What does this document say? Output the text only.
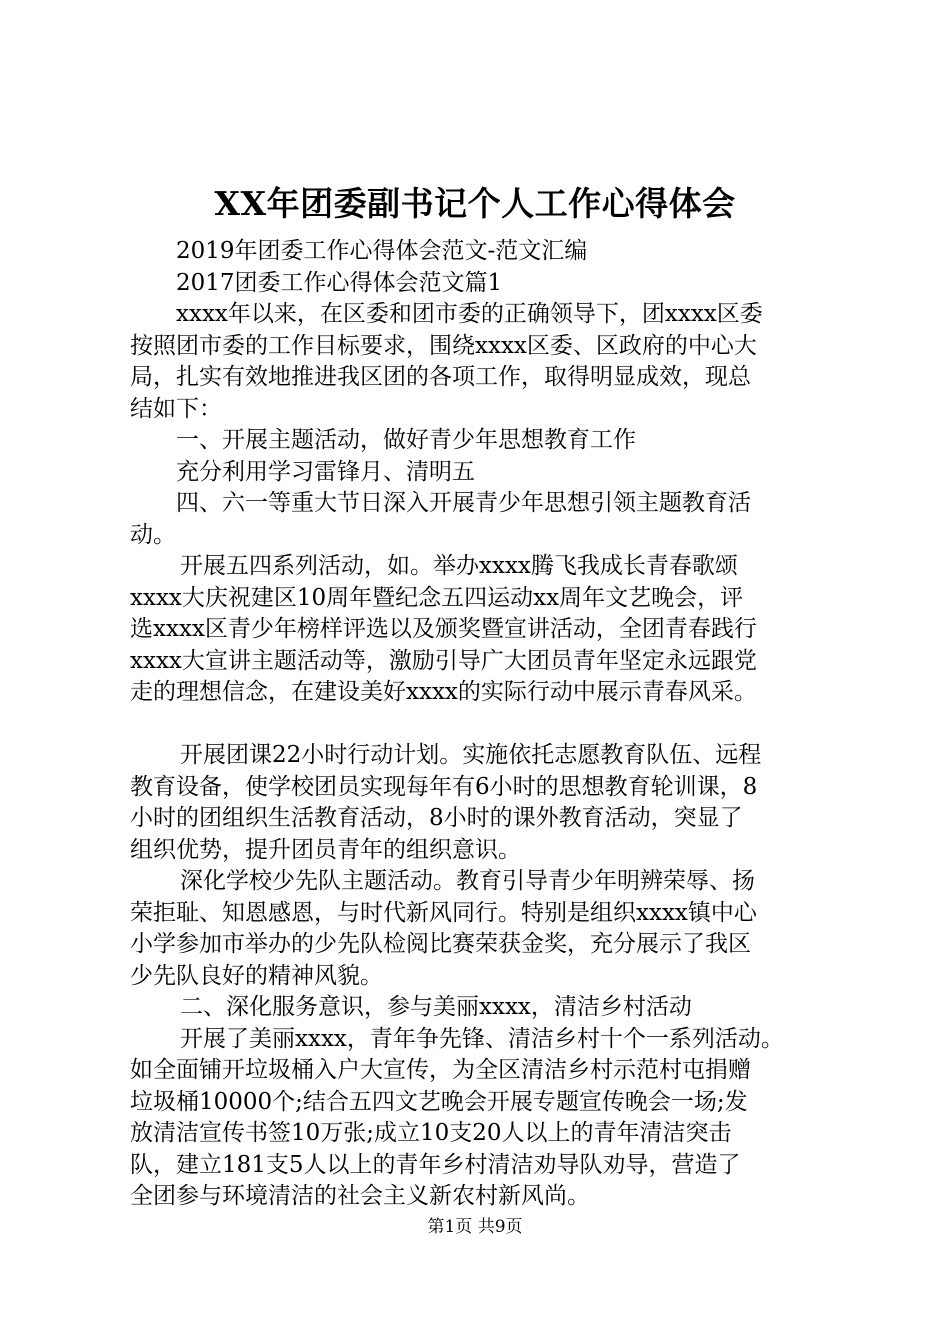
XX年团委副书记个人工作心得体会
2019年团委工作心得体会范文-范文汇编
2017团委工作心得体会范文篇1
xxxx年以来，在区委和团市委的正确领导下，团xxxx区委
按照团市委的工作目标要求，围绕xxxx区委、区政府的中心大
局，扎实有效地推进我区团的各项工作，取得明显成效，现总
结如下：
一、开展主题活动，做好青少年思想教育工作
充分利用学习雷锋月、清明五
四、六一等重大节日深入开展青少年思想引领主题教育活
动。
开展五四系列活动，如。举办xxxx腾飞我成长青春歌颂
xxxx大庆祝建区10周年暨纪念五四运动xx周年文艺晚会，评
选xxxx区青少年榜样评选以及颁奖暨宣讲活动，全团青春践行
xxxx大宣讲主题活动等，激励引导广大团员青年坚定永远跟党
走的理想信念，在建设美好xxxx的实际行动中展示青春风采。
开展团课22小时行动计划。实施依托志愿教育队伍、远程
教育设备，使学校团员实现每年有6小时的思想教育轮训课，8
小时的团组织生活教育活动，8小时的课外教育活动，突显了
组织优势，提升团员青年的组织意识。
深化学校少先队主题活动。教育引导青少年明辨荣辱、扬
荣拒耻、知恩感恩，与时代新风同行。特别是组织xxxx镇中心
小学参加市举办的少先队检阅比赛荣获金奖，充分展示了我区
少先队良好的精神风貌。
二、深化服务意识，参与美丽xxxx，清洁乡村活动
开展了美丽xxxx，青年争先锋、清洁乡村十个一系列活动。
如全面铺开垃圾桶入户大宣传，为全区清洁乡村示范村屯捐赠
垃圾桶10000个;结合五四文艺晚会开展专题宣传晚会一场;发
放清洁宣传书签10万张;成立10支20人以上的青年清洁突击
队，建立181支5人以上的青年乡村清洁劝导队劝导，营造了
全团参与环境清洁的社会主义新农村新风尚。
第1页 共9页
